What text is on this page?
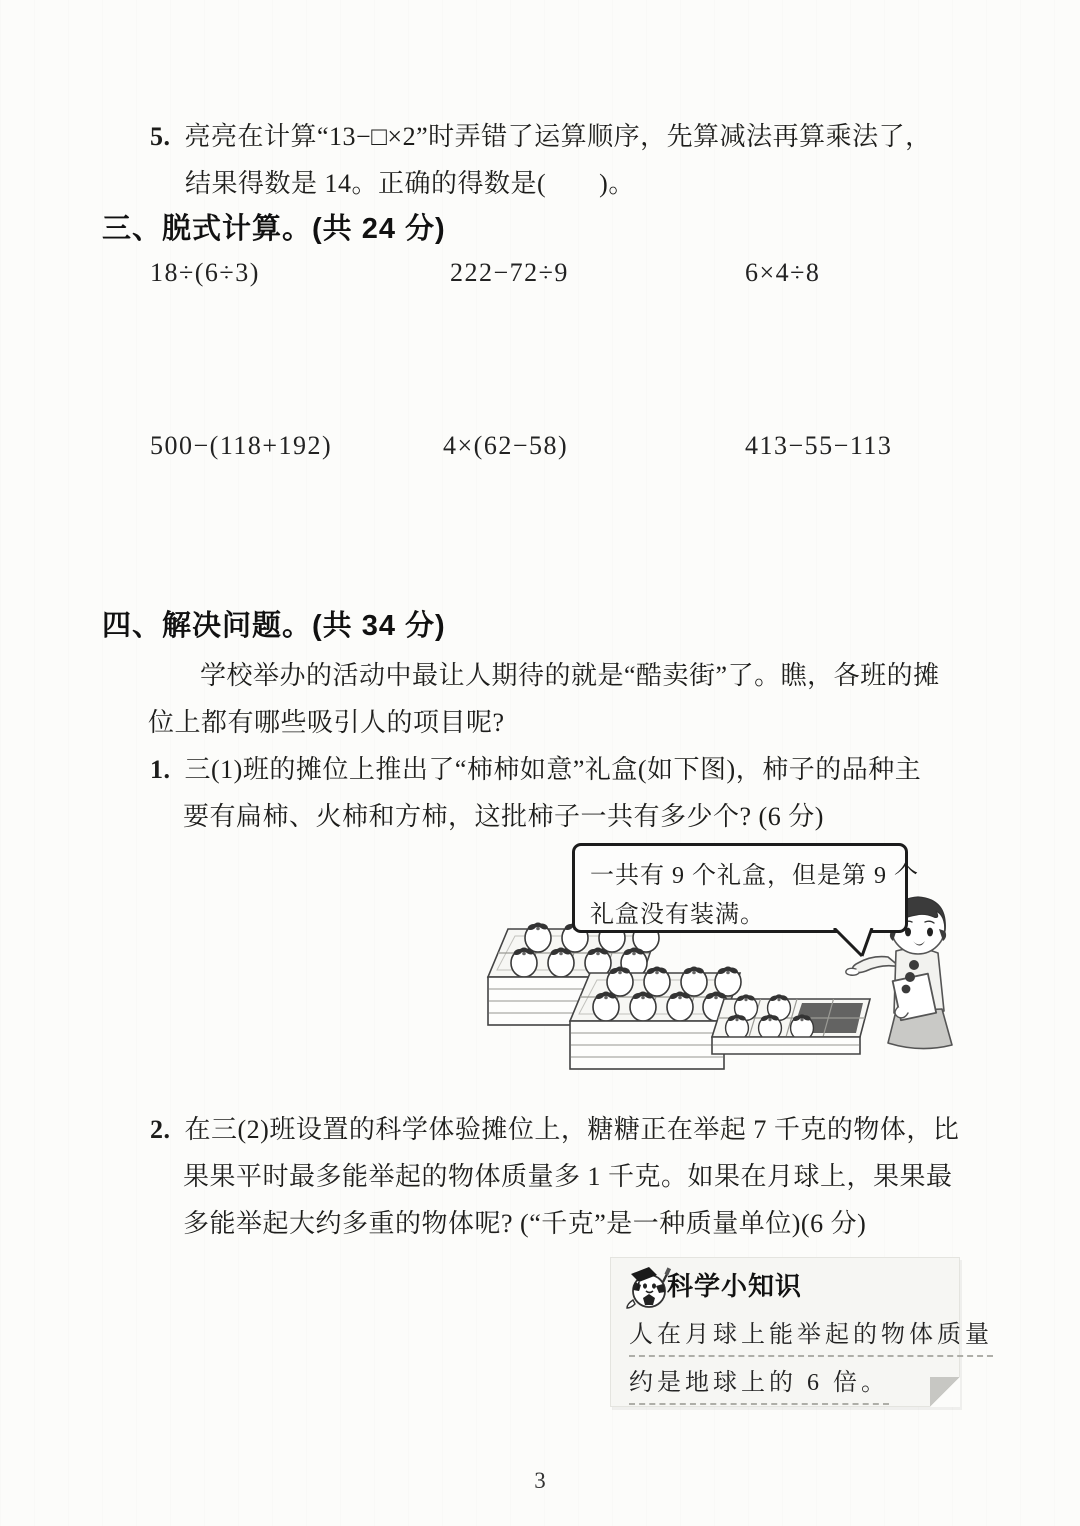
5. 亮亮在计算“13−□×2”时弄错了运算顺序，先算减法再算乘法了，
结果得数是 14。正确的得数是(　　)。
三、脱式计算。(共 24 分)
18÷(6÷3)	222−72÷9	6×4÷8
500−(118+192)	4×(62−58)	413−55−113
四、解决问题。(共 34 分)
学校举办的活动中最让人期待的就是“酷卖街”了。瞧，各班的摊
位上都有哪些吸引人的项目呢?
1. 三(1)班的摊位上推出了“柿柿如意”礼盒(如下图)，柿子的品种主
要有扁柿、火柿和方柿，这批柿子一共有多少个? (6 分)
一共有 9 个礼盒，但是第 9 个
礼盒没有装满。
2. 在三(2)班设置的科学体验摊位上，糖糖正在举起 7 千克的物体，比
果果平时最多能举起的物体质量多 1 千克。如果在月球上，果果最
多能举起大约多重的物体呢? (“千克”是一种质量单位)(6 分)
科学小知识
人在月球上能举起的物体质量
约是地球上的 6 倍。
3
